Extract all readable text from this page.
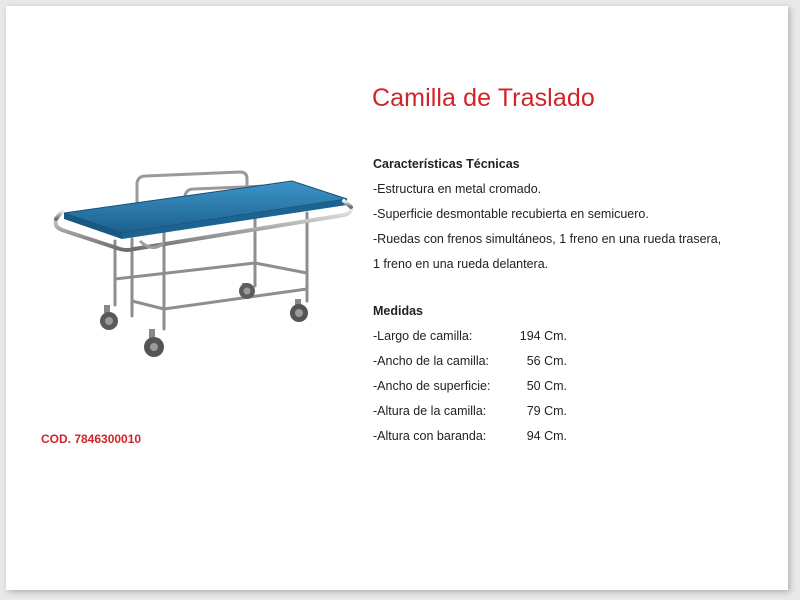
Camilla de Traslado
Características Técnicas
-Estructura en metal cromado.
-Superficie desmontable recubierta en semicuero.
-Ruedas con frenos simultáneos, 1 freno en una rueda trasera,
1 freno en una rueda delantera.
Medidas
-Largo de camilla:	194 Cm.
-Ancho de la camilla:	56 Cm.
-Ancho de superficie:	50 Cm.
-Altura de la camilla:	79 Cm.
-Altura con baranda:	94 Cm.
COD. 7846300010
